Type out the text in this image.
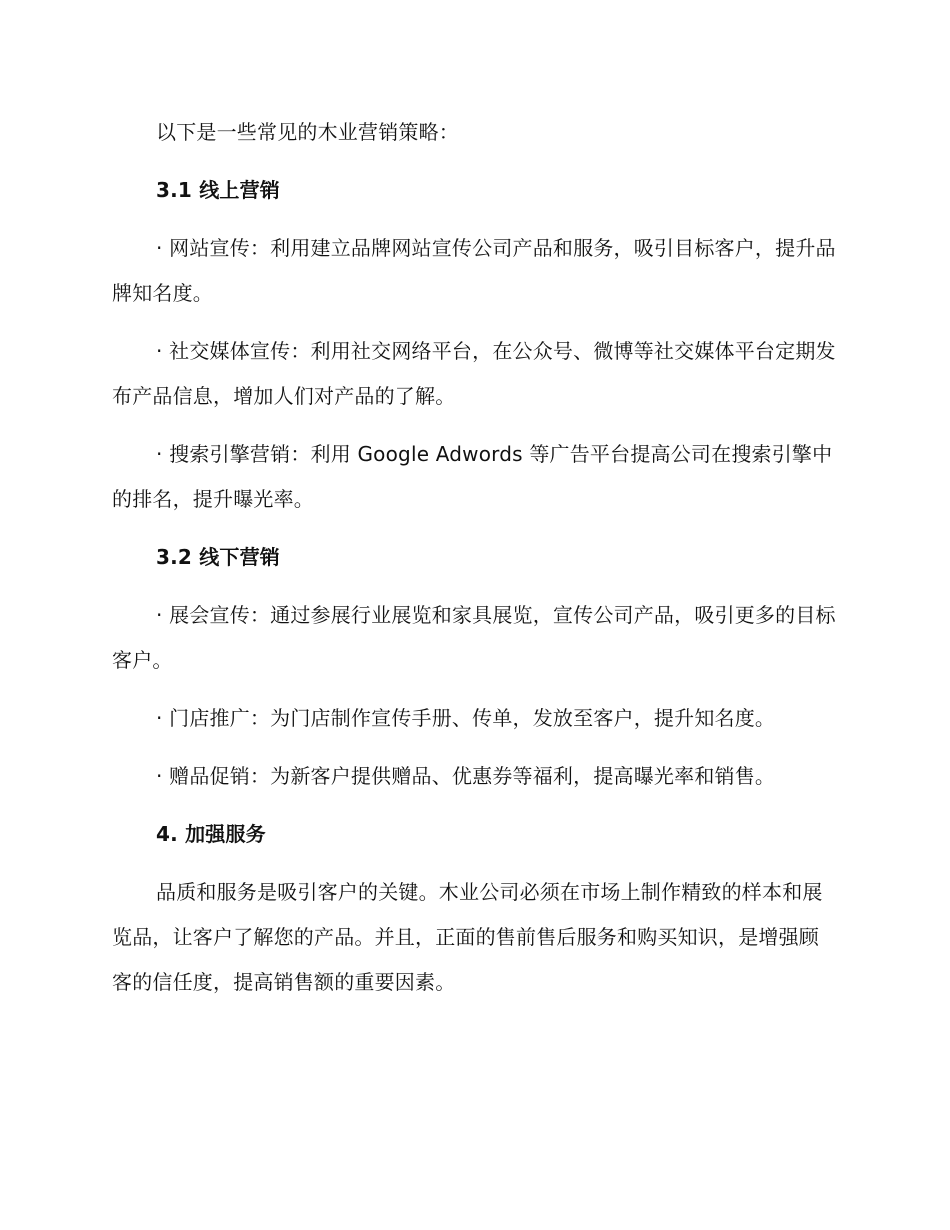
以下是一些常见的木业营销策略：

3.1 线上营销

· 网站宣传：利用建立品牌网站宣传公司产品和服务，吸引目标客户，提升品牌知名度。

· 社交媒体宣传：利用社交网络平台，在公众号、微博等社交媒体平台定期发布产品信息，增加人们对产品的了解。

· 搜索引擎营销：利用 Google Adwords 等广告平台提高公司在搜索引擎中的排名，提升曝光率。

3.2 线下营销

· 展会宣传：通过参展行业展览和家具展览，宣传公司产品，吸引更多的目标客户。

· 门店推广：为门店制作宣传手册、传单，发放至客户，提升知名度。

· 赠品促销：为新客户提供赠品、优惠券等福利，提高曝光率和销售。

4. 加强服务

品质和服务是吸引客户的关键。木业公司必须在市场上制作精致的样本和展览品，让客户了解您的产品。并且，正面的售前售后服务和购买知识，是增强顾客的信任度，提高销售额的重要因素。
